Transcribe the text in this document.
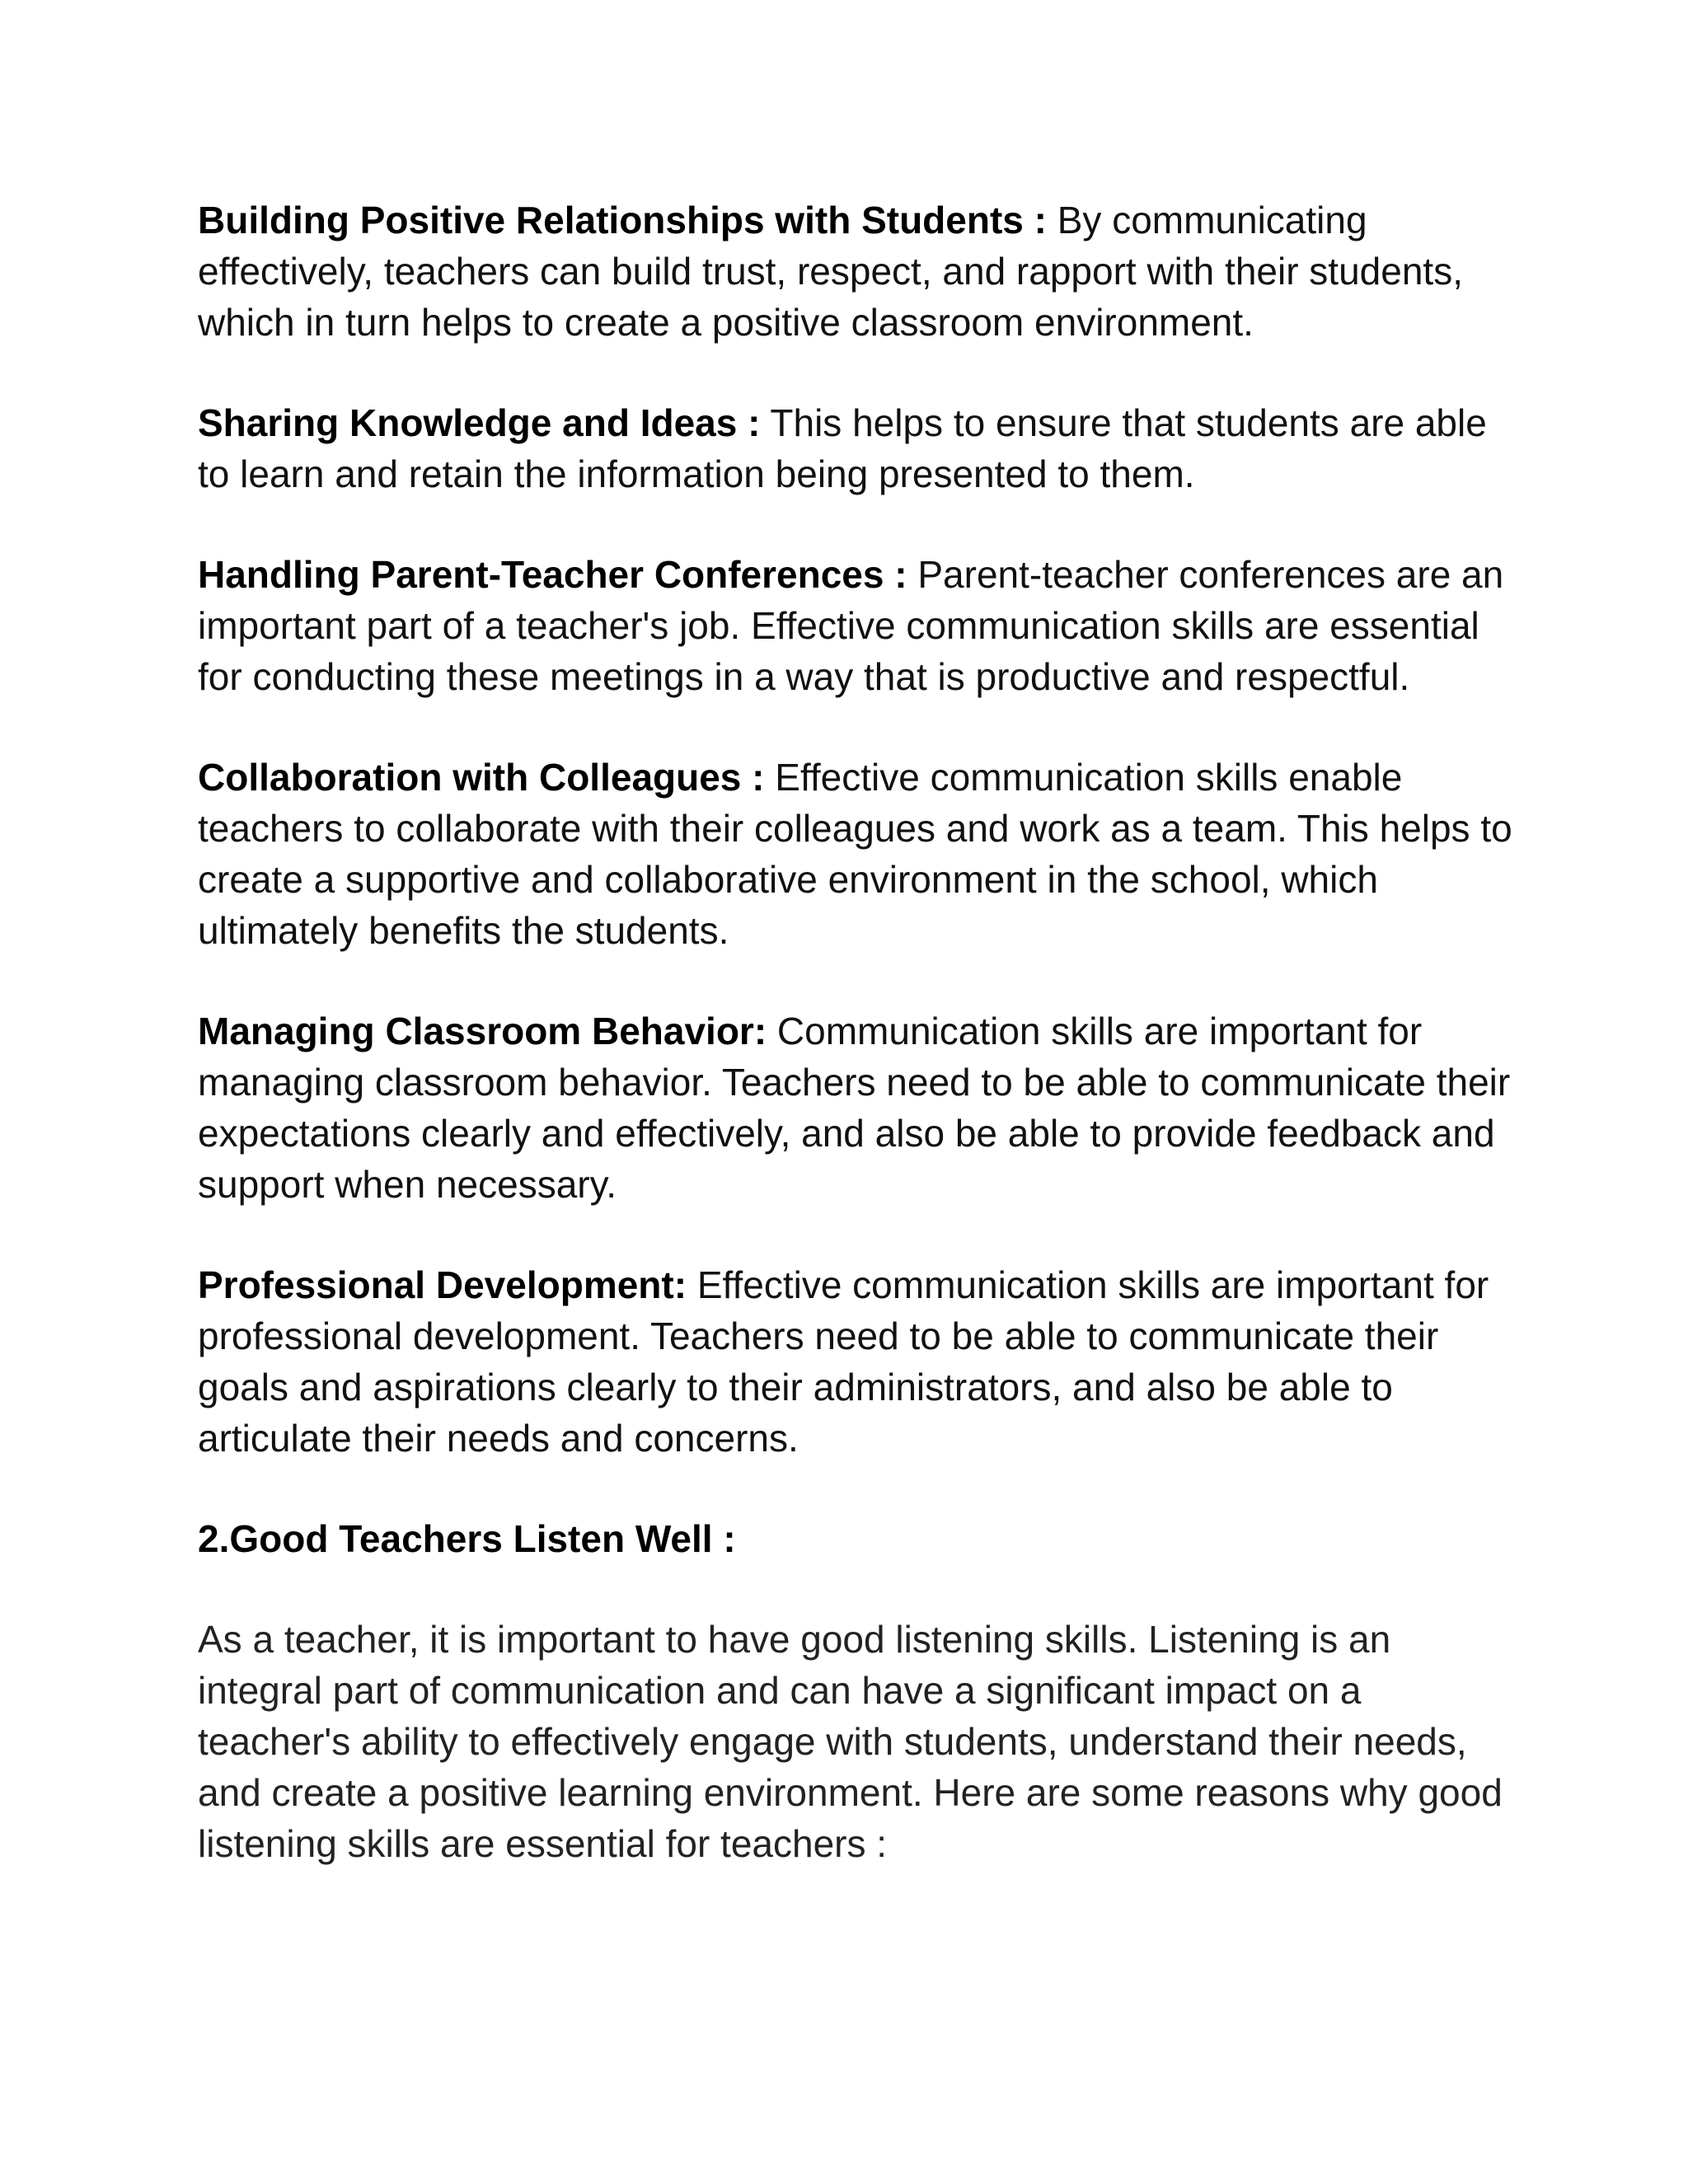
Building Positive Relationships with Students : By communicating effectively, teachers can build trust, respect, and rapport with their students, which in turn helps to create a positive classroom environment.

Sharing Knowledge and Ideas : This helps to ensure that students are able to learn and retain the information being presented to them.

Handling Parent-Teacher Conferences : Parent-teacher conferences are an important part of a teacher's job. Effective communication skills are essential for conducting these meetings in a way that is productive and respectful.

Collaboration with Colleagues : Effective communication skills enable teachers to collaborate with their colleagues and work as a team. This helps to create a supportive and collaborative environment in the school, which ultimately benefits the students.

Managing Classroom Behavior: Communication skills are important for managing classroom behavior. Teachers need to be able to communicate their expectations clearly and effectively, and also be able to provide feedback and support when necessary.

Professional Development: Effective communication skills are important for professional development. Teachers need to be able to communicate their goals and aspirations clearly to their administrators, and also be able to articulate their needs and concerns.

2.Good Teachers Listen Well :

As a teacher, it is important to have good listening skills. Listening is an integral part of communication and can have a significant impact on a teacher's ability to effectively engage with students, understand their needs, and create a positive learning environment. Here are some reasons why good listening skills are essential for teachers :
